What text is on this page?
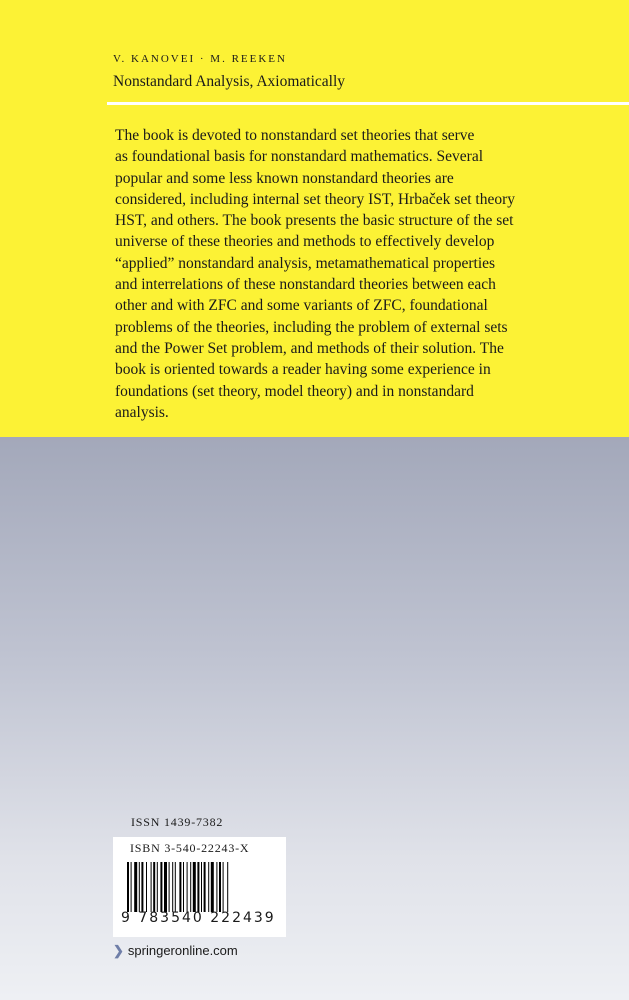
V. KANOVEI · M. REEKEN
Nonstandard Analysis, Axiomatically
The book is devoted to nonstandard set theories that serve
as foundational basis for nonstandard mathematics. Several
popular and some less known nonstandard theories are
considered, including internal set theory IST, Hrbaček set theory
HST, and others. The book presents the basic structure of the set
universe of these theories and methods to effectively develop
“applied” nonstandard analysis, metamathematical properties
and interrelations of these nonstandard theories between each
other and with ZFC and some variants of ZFC, foundational
problems of the theories, including the problem of external sets
and the Power Set problem, and methods of their solution. The
book is oriented towards a reader having some experience in
foundations (set theory, model theory) and in nonstandard
analysis.
ISSN 1439-7382
ISBN 3-540-22243-X
9 783540 222439
❯ springeronline.com
